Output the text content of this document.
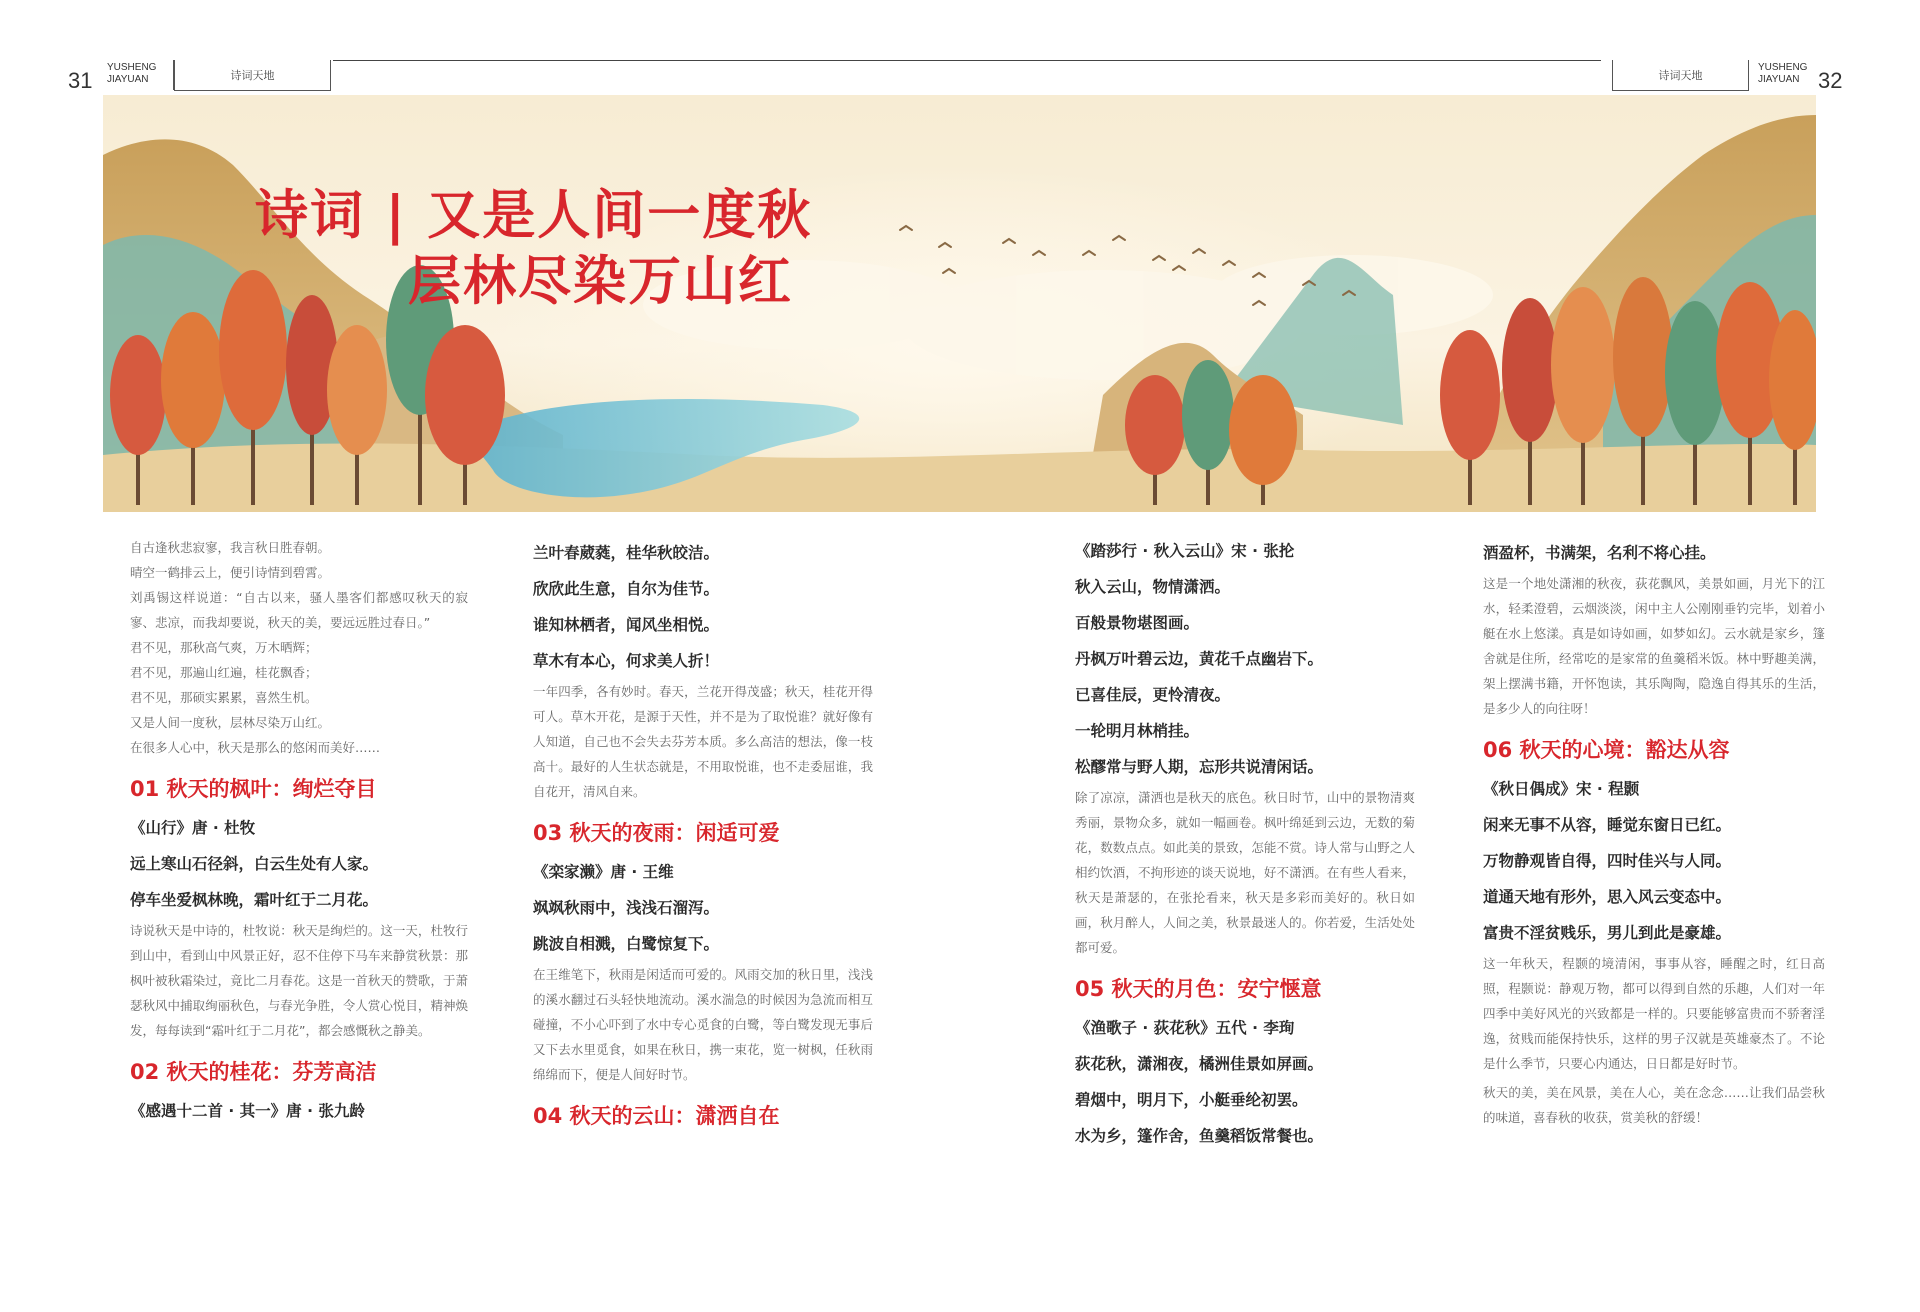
31
YUSHENG
JIAYUAN	诗词天地	诗词天地
YUSHENG
JIAYUAN 32
诗词 | 又是人间一度秋
层林尽染万山红

自古逢秋悲寂寥，我言秋日胜春朝。

晴空一鹤排云上，便引诗情到碧霄。

刘禹锡这样说道：“自古以来，骚人墨客们都感叹秋天的寂寥、悲凉，而我却要说，秋天的美，要远远胜过春日。”

君不见，那秋高气爽，万木晒辉；

君不见，那遍山红遍，桂花飘香；

君不见，那硕实累累，喜然生机。

又是人间一度秋，层林尽染万山红。

在很多人心中，秋天是那么的悠闲而美好……

01 秋天的枫叶：绚烂夺目
《山行》唐 · 杜牧

远上寒山石径斜，白云生处有人家。

停车坐爱枫林晚，霜叶红于二月花。

诗说秋天是中诗的，杜牧说：秋天是绚烂的。这一天，杜牧行到山中，看到山中风景正好，忍不住停下马车来静赏秋景：那枫叶被秋霜染过，竟比二月春花。这是一首秋天的赞歌，于萧瑟秋风中捕取绚丽秋色，与春光争胜，令人赏心悦目，精神焕发，每每读到“霜叶红于二月花”，都会感慨秋之静美。

02 秋天的桂花：芬芳高洁
《感遇十二首 · 其一》唐 · 张九龄

兰叶春葳蕤，桂华秋皎洁。

欣欣此生意，自尔为佳节。

谁知林栖者，闻风坐相悦。

草木有本心，何求美人折！

一年四季，各有妙时。春天，兰花开得茂盛；秋天，桂花开得可人。草木开花，是源于天性，并不是为了取悦谁？就好像有人知道，自己也不会失去芬芳本质。多么高洁的想法，像一枝高十。最好的人生状态就是，不用取悦谁，也不走委屈谁，我自花开，清风自来。

03 秋天的夜雨：闲适可爱
《栾家濑》唐 · 王维

飒飒秋雨中，浅浅石溜泻。

跳波自相溅，白鹭惊复下。

在王维笔下，秋雨是闲适而可爱的。风雨交加的秋日里，浅浅的溪水翻过石头轻快地流动。溪水湍急的时候因为急流而相互碰撞，不小心吓到了水中专心觅食的白鹭，等白鹭发现无事后又下去水里觅食，如果在秋日，携一束花，览一树枫，任秋雨绵绵而下，便是人间好时节。

04 秋天的云山：潇洒自在
《踏莎行 · 秋入云山》宋 · 张抡

秋入云山，物情潇洒。

百般景物堪图画。

丹枫万叶碧云边，黄花千点幽岩下。

已喜佳辰，更怜清夜。

一轮明月林梢挂。

松醪常与野人期，忘形共说清闲话。

除了凉凉，潇洒也是秋天的底色。秋日时节，山中的景物清爽秀丽，景物众多，就如一幅画卷。枫叶绵延到云边，无数的菊花，数数点点。如此美的景致，怎能不赏。诗人常与山野之人相约饮酒，不拘形迹的谈天说地，好不潇洒。在有些人看来，秋天是萧瑟的，在张抡看来，秋天是多彩而美好的。秋日如画，秋月醉人，人间之美，秋景最迷人的。你若爱，生活处处都可爱。

05 秋天的月色：安宁惬意
《渔歌子 · 荻花秋》五代 · 李珣

荻花秋，潇湘夜，橘洲佳景如屏画。

碧烟中，明月下，小艇垂纶初罢。

水为乡，篷作舍，鱼羹稻饭常餐也。

酒盈杯，书满架，名利不将心挂。

这是一个地处潇湘的秋夜，荻花飘风，美景如画，月光下的江水，轻柔澄碧，云烟淡淡，闲中主人公刚刚垂钓完毕，划着小艇在水上悠漾。真是如诗如画，如梦如幻。云水就是家乡，篷舍就是住所，经常吃的是家常的鱼羹稻米饭。林中野趣美满，架上摆满书籍，开怀饱读，其乐陶陶，隐逸自得其乐的生活，是多少人的向往呀！

06 秋天的心境：豁达从容
《秋日偶成》宋 · 程颢

闲来无事不从容，睡觉东窗日已红。

万物静观皆自得，四时佳兴与人同。

道通天地有形外，思入风云变态中。

富贵不淫贫贱乐，男儿到此是豪雄。

这一年秋天，程颢的境清闲，事事从容，睡醒之时，红日高照，程颢说：静观万物，都可以得到自然的乐趣，人们对一年四季中美好风光的兴致都是一样的。只要能够富贵而不骄奢淫逸，贫贱而能保持快乐，这样的男子汉就是英雄豪杰了。不论是什么季节，只要心内通达，日日都是好时节。

秋天的美，美在风景，美在人心，美在念念……让我们品尝秋的味道，喜春秋的收获，赏美秋的舒缓！
